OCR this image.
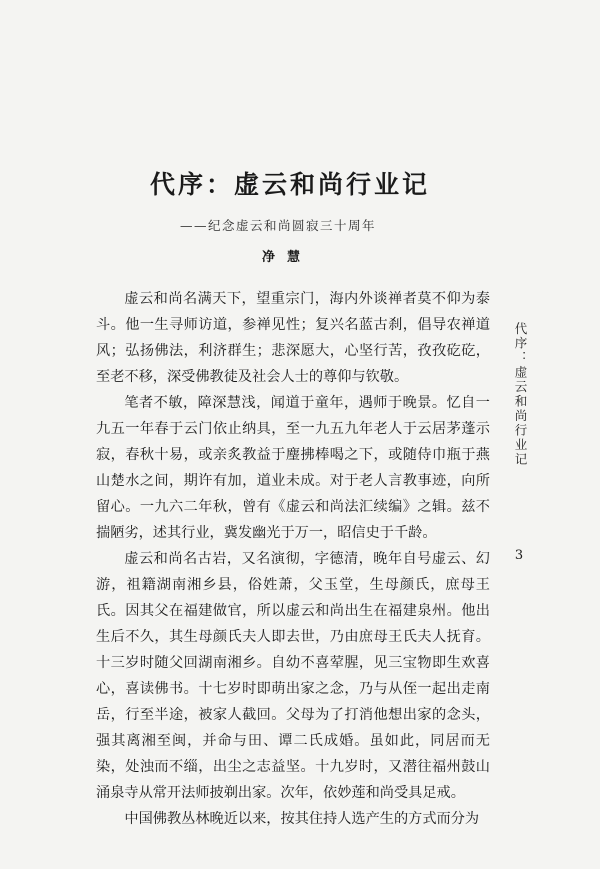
代序：虚云和尚行业记
——纪念虚云和尚圆寂三十周年
净慧

虚云和尚名满天下，望重宗门，海内外谈禅者莫不仰为泰斗。他一生寻师访道，参禅见性；复兴名蓝古刹，倡导农禅道风；弘扬佛法，利济群生；悲深愿大，心坚行苦，孜孜矻矻，至老不移，深受佛教徒及社会人士的尊仰与钦敬。

笔者不敏，障深慧浅，闻道于童年，遇师于晚景。忆自一九五一年春于云门依止纳具，至一九五九年老人于云居茅蓬示寂，春秋十易，或亲炙教益于麈拂棒喝之下，或随侍巾瓶于燕山楚水之间，期许有加，道业未成。对于老人言教事迹，向所留心。一九六二年秋，曾有《虚云和尚法汇续编》之辑。兹不揣陋劣，述其行业，冀发幽光于万一，昭信史于千龄。

虚云和尚名古岩，又名演彻，字德清，晚年自号虚云、幻游，祖籍湖南湘乡县，俗姓萧，父玉堂，生母颜氏，庶母王氏。因其父在福建做官，所以虚云和尚出生在福建泉州。他出生后不久，其生母颜氏夫人即去世，乃由庶母王氏夫人抚育。十三岁时随父回湖南湘乡。自幼不喜荤腥，见三宝物即生欢喜心，喜读佛书。十七岁时即萌出家之念，乃与从侄一起出走南岳，行至半途，被家人截回。父母为了打消他想出家的念头，强其离湘至闽，并命与田、谭二氏成婚。虽如此，同居而无染，处浊而不缁，出尘之志益坚。十九岁时，又潜往福州鼓山涌泉寺从常开法师披剃出家。次年，依妙莲和尚受具足戒。

中国佛教丛林晚近以来，按其住持人选产生的方式而分为

代序：虚云和尚行业记
3
